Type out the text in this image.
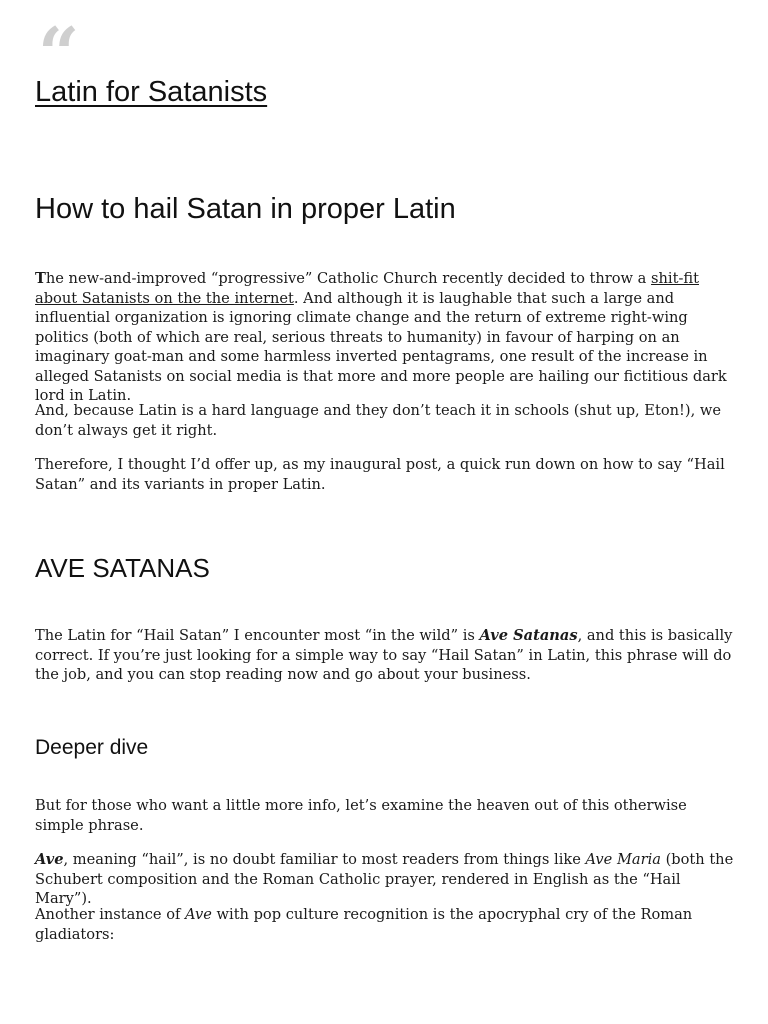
“
Latin for Satanists
How to hail Satan in proper Latin

The new-and-improved “progressive” Catholic Church recently decided to throw a shit-fit about Satanists on the the internet. And although it is laughable that such a large and influential organization is ignoring climate change and the return of extreme right-wing politics (both of which are real, serious threats to humanity) in favour of harping on an imaginary goat-man and some harmless inverted pentagrams, one result of the increase in alleged Satanists on social media is that more and more people are hailing our fictitious dark lord in Latin.

And, because Latin is a hard language and they don’t teach it in schools (shut up, Eton!), we don’t always get it right.

Therefore, I thought I’d offer up, as my inaugural post, a quick run down on how to say “Hail Satan” and its variants in proper Latin.

AVE SATANAS

The Latin for “Hail Satan” I encounter most “in the wild” is Ave Satanas, and this is basically correct. If you’re just looking for a simple way to say “Hail Satan” in Latin, this phrase will do the job, and you can stop reading now and go about your business.

Deeper dive

But for those who want a little more info, let’s examine the heaven out of this otherwise simple phrase.

Ave, meaning “hail”, is no doubt familiar to most readers from things like Ave Maria (both the Schubert composition and the Roman Catholic prayer, rendered in English as the “Hail Mary”).

Another instance of Ave with pop culture recognition is the apocryphal cry of the Roman gladiators:
